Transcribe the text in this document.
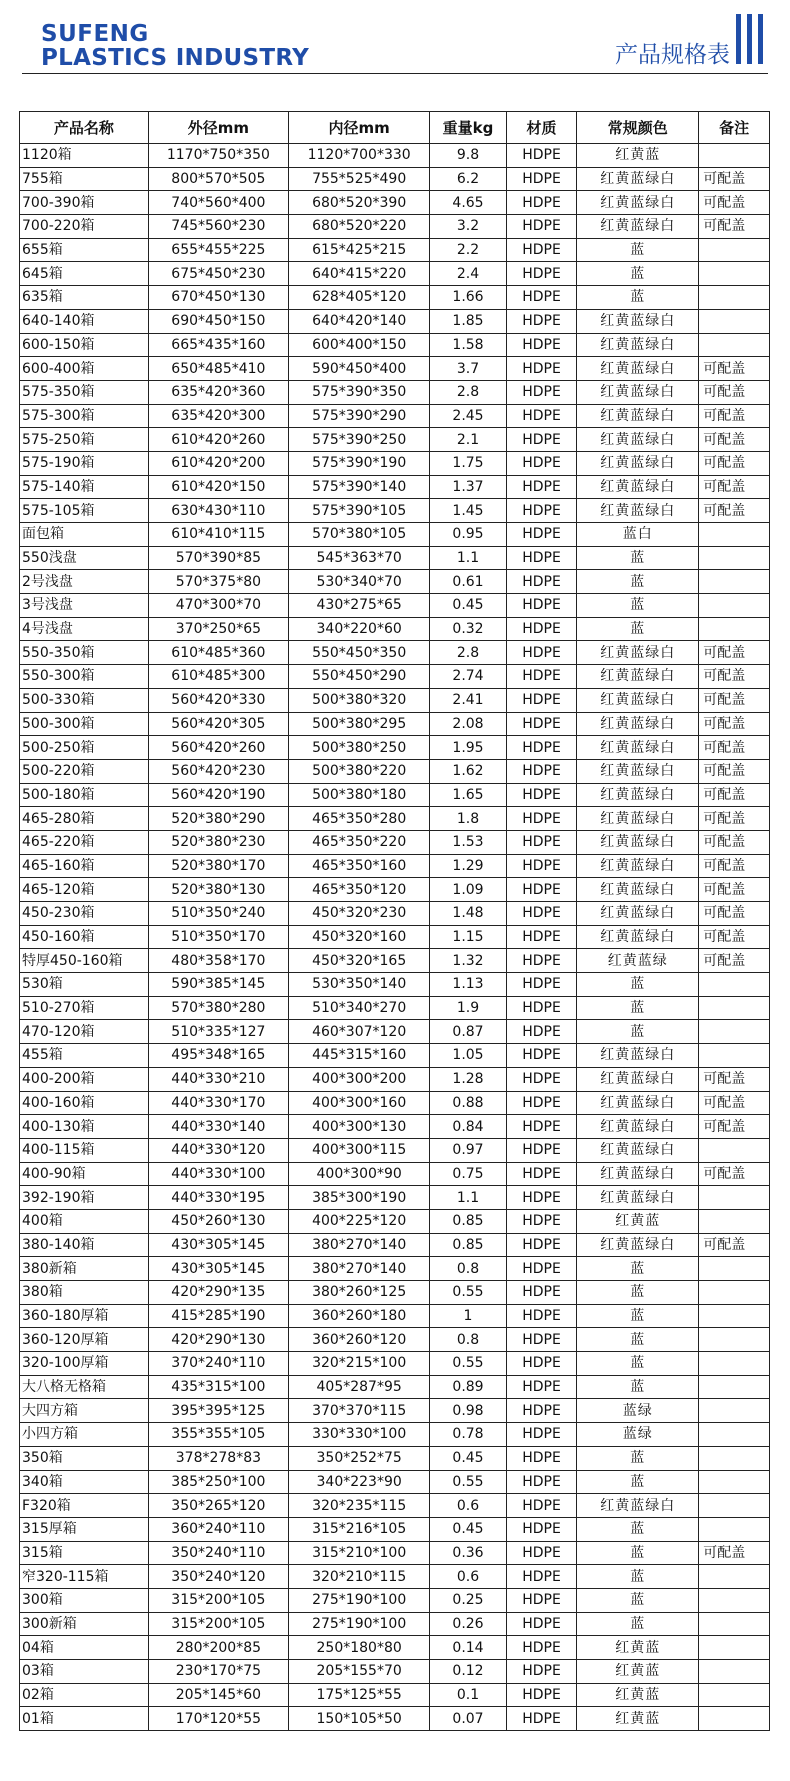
SUFENG
PLASTICS INDUSTRY	产品规格表
产品名称	外径mm	内径mm	重量kg	材质	常规颜色	备注
1120箱	1170*750*350	1120*700*330	9.8	HDPE	红黄蓝	
755箱	800*570*505	755*525*490	6.2	HDPE	红黄蓝绿白	可配盖
700-390箱	740*560*400	680*520*390	4.65	HDPE	红黄蓝绿白	可配盖
700-220箱	745*560*230	680*520*220	3.2	HDPE	红黄蓝绿白	可配盖
655箱	655*455*225	615*425*215	2.2	HDPE	蓝	
645箱	675*450*230	640*415*220	2.4	HDPE	蓝	
635箱	670*450*130	628*405*120	1.66	HDPE	蓝	
640-140箱	690*450*150	640*420*140	1.85	HDPE	红黄蓝绿白	
600-150箱	665*435*160	600*400*150	1.58	HDPE	红黄蓝绿白	
600-400箱	650*485*410	590*450*400	3.7	HDPE	红黄蓝绿白	可配盖
575-350箱	635*420*360	575*390*350	2.8	HDPE	红黄蓝绿白	可配盖
575-300箱	635*420*300	575*390*290	2.45	HDPE	红黄蓝绿白	可配盖
575-250箱	610*420*260	575*390*250	2.1	HDPE	红黄蓝绿白	可配盖
575-190箱	610*420*200	575*390*190	1.75	HDPE	红黄蓝绿白	可配盖
575-140箱	610*420*150	575*390*140	1.37	HDPE	红黄蓝绿白	可配盖
575-105箱	630*430*110	575*390*105	1.45	HDPE	红黄蓝绿白	可配盖
面包箱	610*410*115	570*380*105	0.95	HDPE	蓝白	
550浅盘	570*390*85	545*363*70	1.1	HDPE	蓝	
2号浅盘	570*375*80	530*340*70	0.61	HDPE	蓝	
3号浅盘	470*300*70	430*275*65	0.45	HDPE	蓝	
4号浅盘	370*250*65	340*220*60	0.32	HDPE	蓝	
550-350箱	610*485*360	550*450*350	2.8	HDPE	红黄蓝绿白	可配盖
550-300箱	610*485*300	550*450*290	2.74	HDPE	红黄蓝绿白	可配盖
500-330箱	560*420*330	500*380*320	2.41	HDPE	红黄蓝绿白	可配盖
500-300箱	560*420*305	500*380*295	2.08	HDPE	红黄蓝绿白	可配盖
500-250箱	560*420*260	500*380*250	1.95	HDPE	红黄蓝绿白	可配盖
500-220箱	560*420*230	500*380*220	1.62	HDPE	红黄蓝绿白	可配盖
500-180箱	560*420*190	500*380*180	1.65	HDPE	红黄蓝绿白	可配盖
465-280箱	520*380*290	465*350*280	1.8	HDPE	红黄蓝绿白	可配盖
465-220箱	520*380*230	465*350*220	1.53	HDPE	红黄蓝绿白	可配盖
465-160箱	520*380*170	465*350*160	1.29	HDPE	红黄蓝绿白	可配盖
465-120箱	520*380*130	465*350*120	1.09	HDPE	红黄蓝绿白	可配盖
450-230箱	510*350*240	450*320*230	1.48	HDPE	红黄蓝绿白	可配盖
450-160箱	510*350*170	450*320*160	1.15	HDPE	红黄蓝绿白	可配盖
特厚450-160箱	480*358*170	450*320*165	1.32	HDPE	红黄蓝绿	可配盖
530箱	590*385*145	530*350*140	1.13	HDPE	蓝	
510-270箱	570*380*280	510*340*270	1.9	HDPE	蓝	
470-120箱	510*335*127	460*307*120	0.87	HDPE	蓝	
455箱	495*348*165	445*315*160	1.05	HDPE	红黄蓝绿白	
400-200箱	440*330*210	400*300*200	1.28	HDPE	红黄蓝绿白	可配盖
400-160箱	440*330*170	400*300*160	0.88	HDPE	红黄蓝绿白	可配盖
400-130箱	440*330*140	400*300*130	0.84	HDPE	红黄蓝绿白	可配盖
400-115箱	440*330*120	400*300*115	0.97	HDPE	红黄蓝绿白	
400-90箱	440*330*100	400*300*90	0.75	HDPE	红黄蓝绿白	可配盖
392-190箱	440*330*195	385*300*190	1.1	HDPE	红黄蓝绿白	
400箱	450*260*130	400*225*120	0.85	HDPE	红黄蓝	
380-140箱	430*305*145	380*270*140	0.85	HDPE	红黄蓝绿白	可配盖
380新箱	430*305*145	380*270*140	0.8	HDPE	蓝	
380箱	420*290*135	380*260*125	0.55	HDPE	蓝	
360-180厚箱	415*285*190	360*260*180	1	HDPE	蓝	
360-120厚箱	420*290*130	360*260*120	0.8	HDPE	蓝	
320-100厚箱	370*240*110	320*215*100	0.55	HDPE	蓝	
大八格无格箱	435*315*100	405*287*95	0.89	HDPE	蓝	
大四方箱	395*395*125	370*370*115	0.98	HDPE	蓝绿	
小四方箱	355*355*105	330*330*100	0.78	HDPE	蓝绿	
350箱	378*278*83	350*252*75	0.45	HDPE	蓝	
340箱	385*250*100	340*223*90	0.55	HDPE	蓝	
F320箱	350*265*120	320*235*115	0.6	HDPE	红黄蓝绿白	
315厚箱	360*240*110	315*216*105	0.45	HDPE	蓝	
315箱	350*240*110	315*210*100	0.36	HDPE	蓝	可配盖
窄320-115箱	350*240*120	320*210*115	0.6	HDPE	蓝	
300箱	315*200*105	275*190*100	0.25	HDPE	蓝	
300新箱	315*200*105	275*190*100	0.26	HDPE	蓝	
04箱	280*200*85	250*180*80	0.14	HDPE	红黄蓝	
03箱	230*170*75	205*155*70	0.12	HDPE	红黄蓝	
02箱	205*145*60	175*125*55	0.1	HDPE	红黄蓝	
01箱	170*120*55	150*105*50	0.07	HDPE	红黄蓝	
